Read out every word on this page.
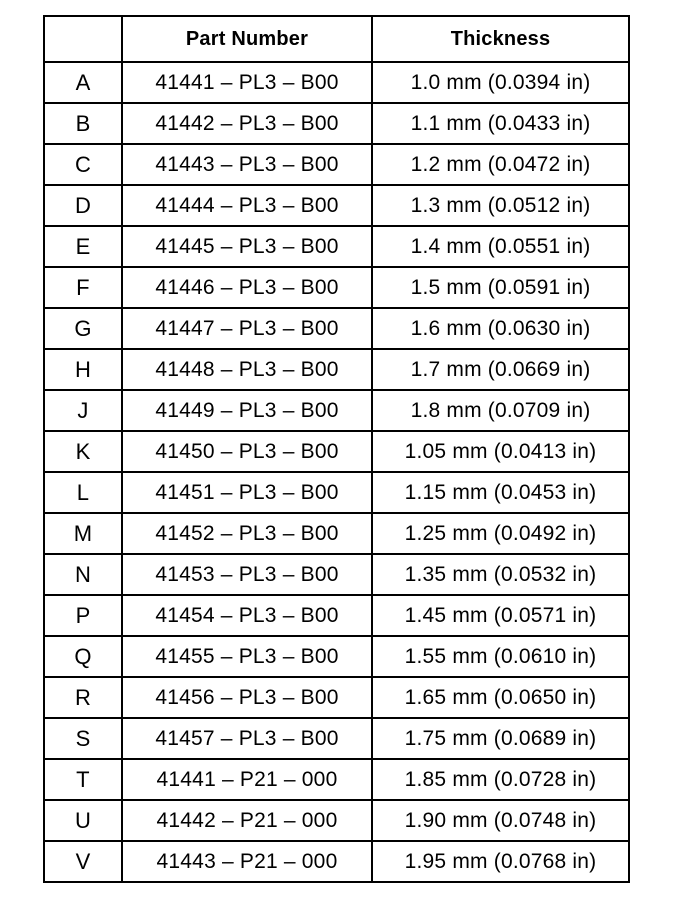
	Part Number	Thickness
A	41441 – PL3 – B00	1.0 mm (0.0394 in)
B	41442 – PL3 – B00	1.1 mm (0.0433 in)
C	41443 – PL3 – B00	1.2 mm (0.0472 in)
D	41444 – PL3 – B00	1.3 mm (0.0512 in)
E	41445 – PL3 – B00	1.4 mm (0.0551 in)
F	41446 – PL3 – B00	1.5 mm (0.0591 in)
G	41447 – PL3 – B00	1.6 mm (0.0630 in)
H	41448 – PL3 – B00	1.7 mm (0.0669 in)
J	41449 – PL3 – B00	1.8 mm (0.0709 in)
K	41450 – PL3 – B00	1.05 mm (0.0413 in)
L	41451 – PL3 – B00	1.15 mm (0.0453 in)
M	41452 – PL3 – B00	1.25 mm (0.0492 in)
N	41453 – PL3 – B00	1.35 mm (0.0532 in)
P	41454 – PL3 – B00	1.45 mm (0.0571 in)
Q	41455 – PL3 – B00	1.55 mm (0.0610 in)
R	41456 – PL3 – B00	1.65 mm (0.0650 in)
S	41457 – PL3 – B00	1.75 mm (0.0689 in)
T	41441 – P21 – 000	1.85 mm (0.0728 in)
U	41442 – P21 – 000	1.90 mm (0.0748 in)
V	41443 – P21 – 000	1.95 mm (0.0768 in)
